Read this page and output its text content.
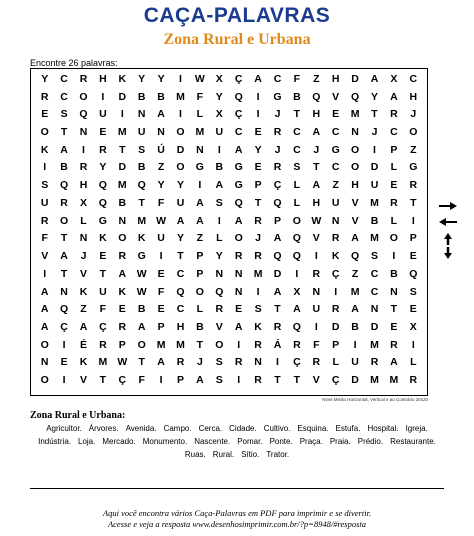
CAÇA-PALAVRAS
Zona Rural e Urbana
Encontre 26 palavras:
Y	C	R	H	K	Y	Y	I	W	X	Ç	A	C	F	Z	H	D	A	X	C
R	C	O	I	D	B	B	M	F	Y	Q	I	G	B	Q	V	Q	Y	A	H
E	S	Q	U	I	N	A	I	L	X	Ç	I	J	T	H	E	M	T	R	J
O	T	N	E	M	U	N	O	M	U	C	E	R	C	A	C	N	J	C	O
K	A	I	R	T	S	Ú	D	N	I	A	Y	J	C	J	G	O	I	P	Z
I	B	R	Y	D	B	Z	O	G	B	G	E	R	S	T	C	O	D	L	G
S	Q	H	Q	M	Q	Y	Y	I	A	G	P	Ç	L	A	Z	H	U	E	R
U	R	X	Q	B	T	F	U	A	S	Q	T	Q	L	H	U	V	M	R	T
R	O	L	G	N	M W	A	A	I	A	R	P	O W	N	V	B	L	I
F	T	N	K	O	K	U	Y	Z	L	O	J	A	Q	V	R	A	M	O	P
V	A	J	E	R	G	I	T	P	Y	R	R	Q	Q	I	K	Q	S	I	E
I	T	V	T	A	W	E	C	P	N	N	M	D	I	R	Ç	Z	C	B	Q
A	N	K	U	K	W	F	Q	O	Q	N	I	A	X	N	I	M	C	N	S
A	Q	Z	F	E	B	E	C	L	R	E	S	T	A	U	R	A	N	T	E
A	Ç	A	Ç	R	A	P	H	B	V	A	K	R	Q	I	D	B	D	E	X
O	I	É	R	P	O	M	M	T	O	I	R	Á	R	F	P	I	M	R	I
N	E	K	M W	T	A	R	J	S	R	N	I	Ç	R	L	U	R	A	L
O	I	V	T	Ç	F	I	P	A	S	I	R	T	T	V	Ç	D	M	M	R
Nível Médio Horizontal, Vertical e ao Contrário 20x20
Zona Rural e Urbana:
Agricultor. Árvores. Avenida. Campo. Cerca. Cidade. Cultivo. Esquina. Estufa. Hospital. Igreja.
Indústria. Loja. Mercado. Monumento. Nascente. Pomar. Ponte. Praça. Praia. Prédio. Restaurante.
Ruas. Rural. Sítio. Trator.
Aqui você encontra vários Caça-Palavras em PDF para imprimir e se divertir.
Acesse e veja a resposta www.desenhosimprimir.com.br/?p=8948/#resposta
